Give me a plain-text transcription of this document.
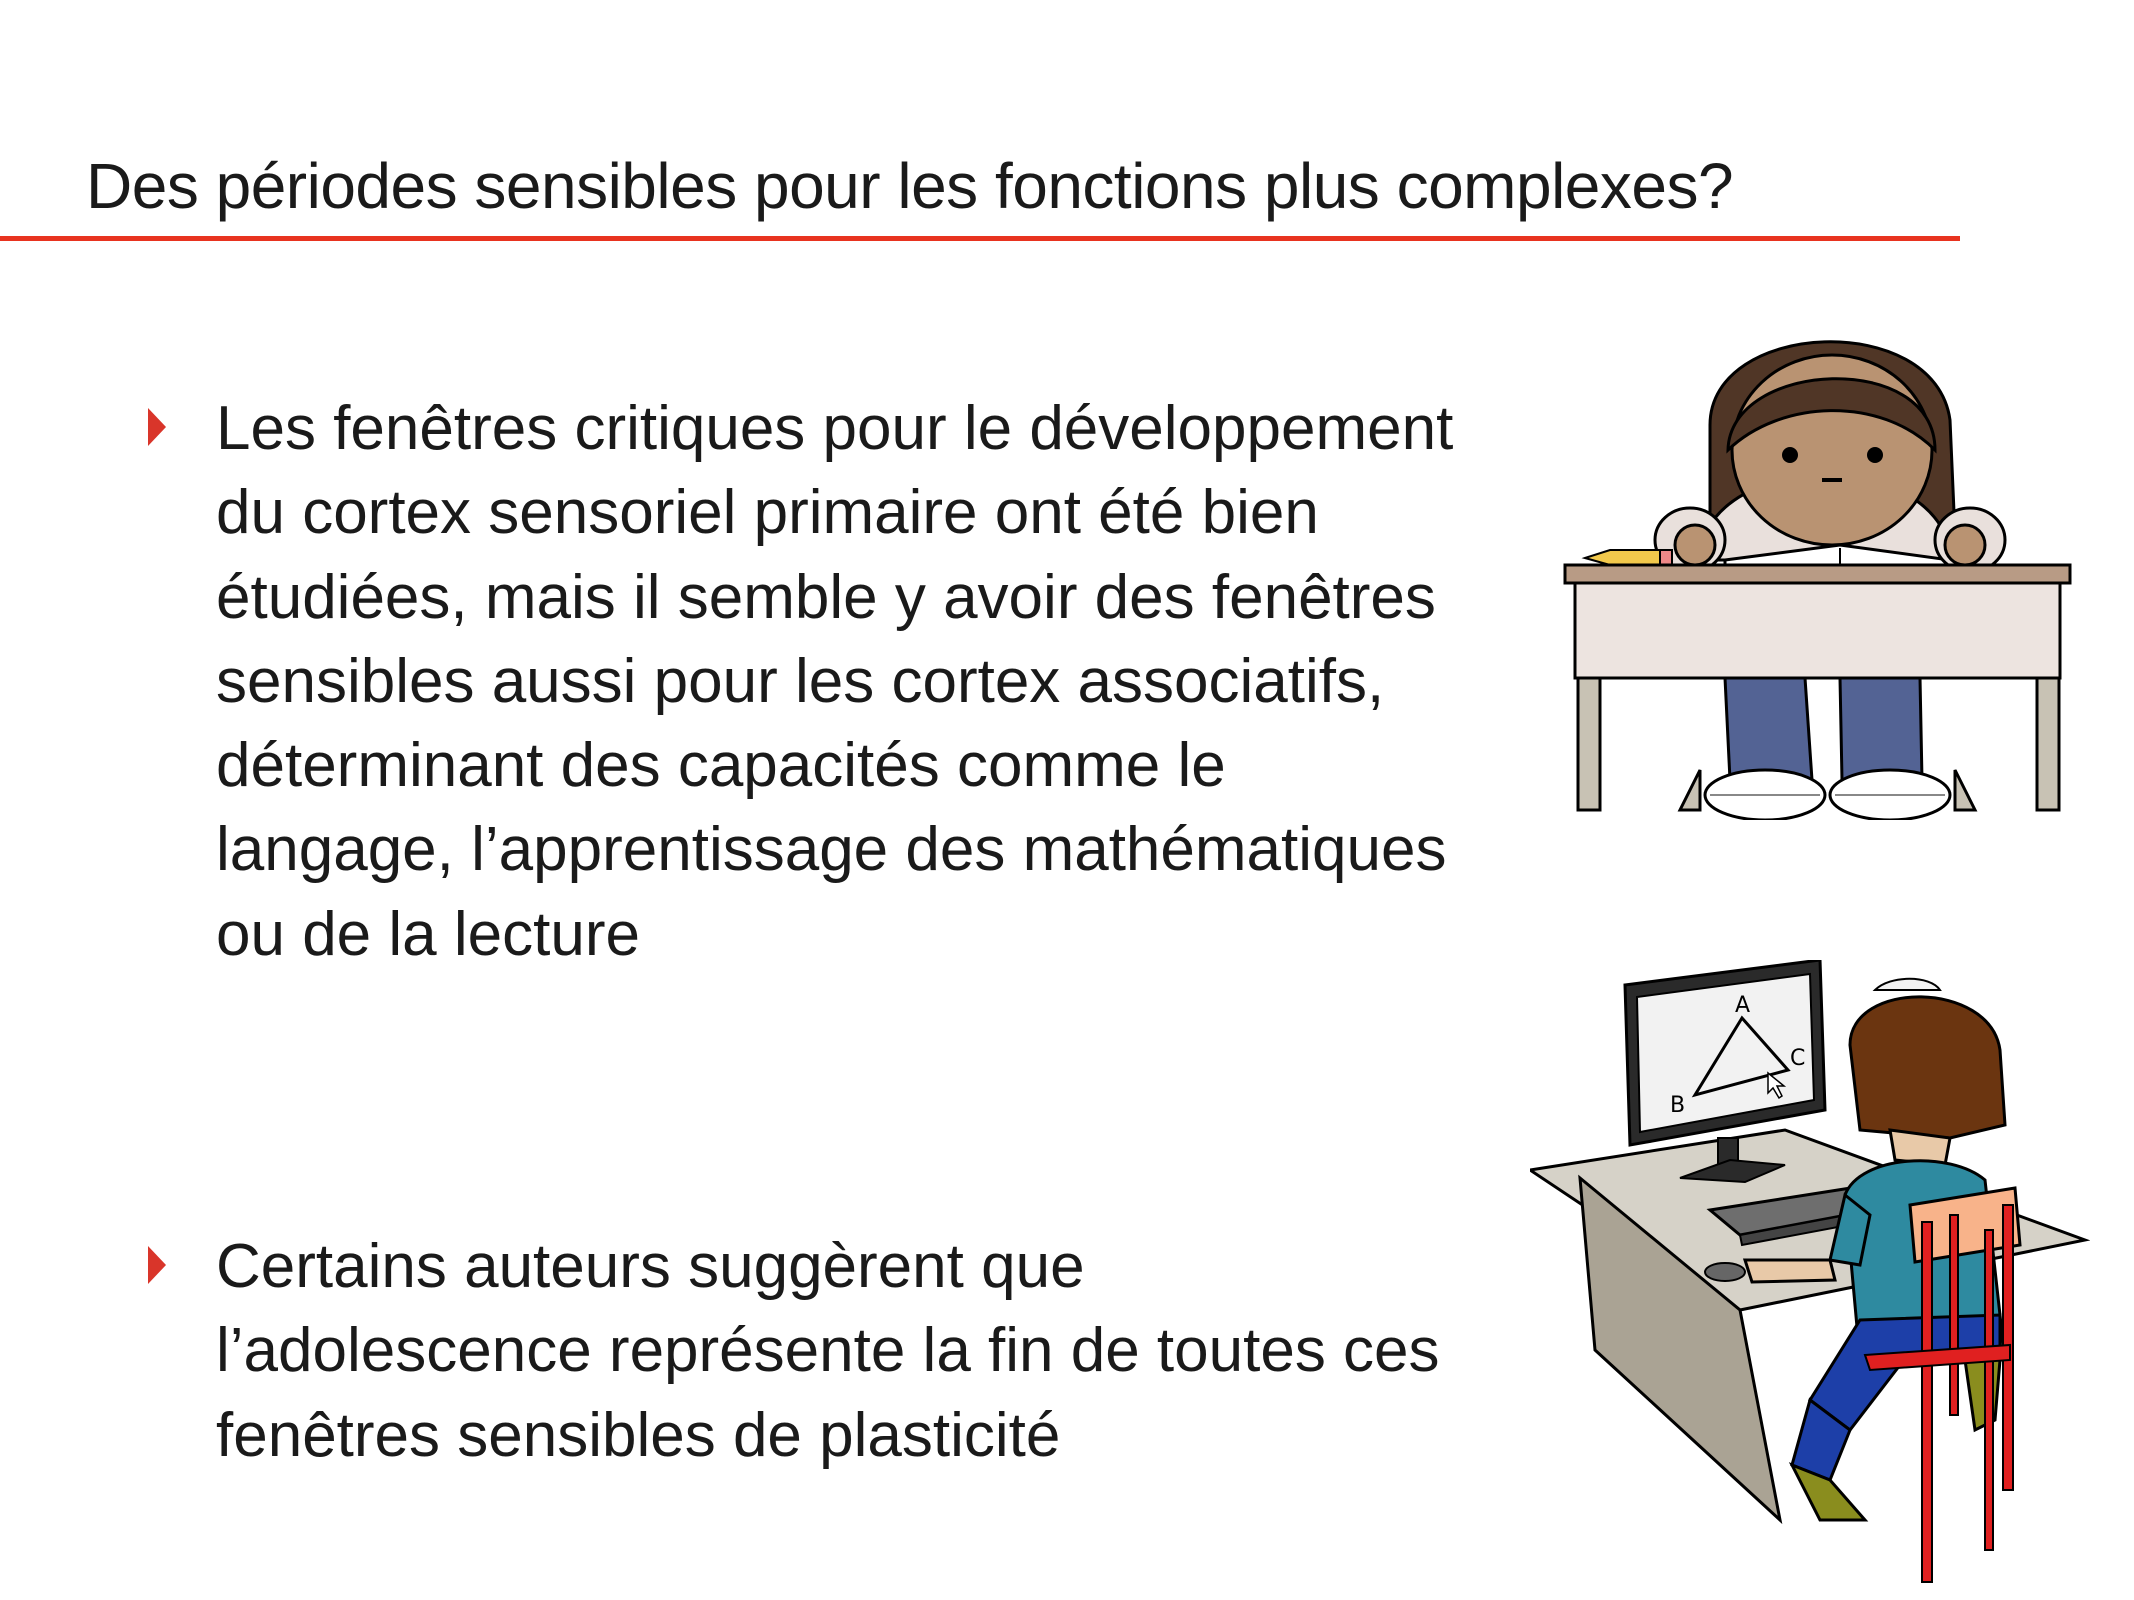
Des périodes sensibles pour les fonctions plus complexes?

Les fenêtres critiques pour le développement du cortex sensoriel primaire ont été bien étudiées, mais il semble y avoir des fenêtres sensibles aussi pour les cortex associatifs, déterminant des capacités comme le langage, l’apprentissage des mathématiques ou de la lecture

Certains auteurs suggèrent que l’adolescence représente la fin de toutes ces fenêtres sensibles de plasticité

A
B
C
